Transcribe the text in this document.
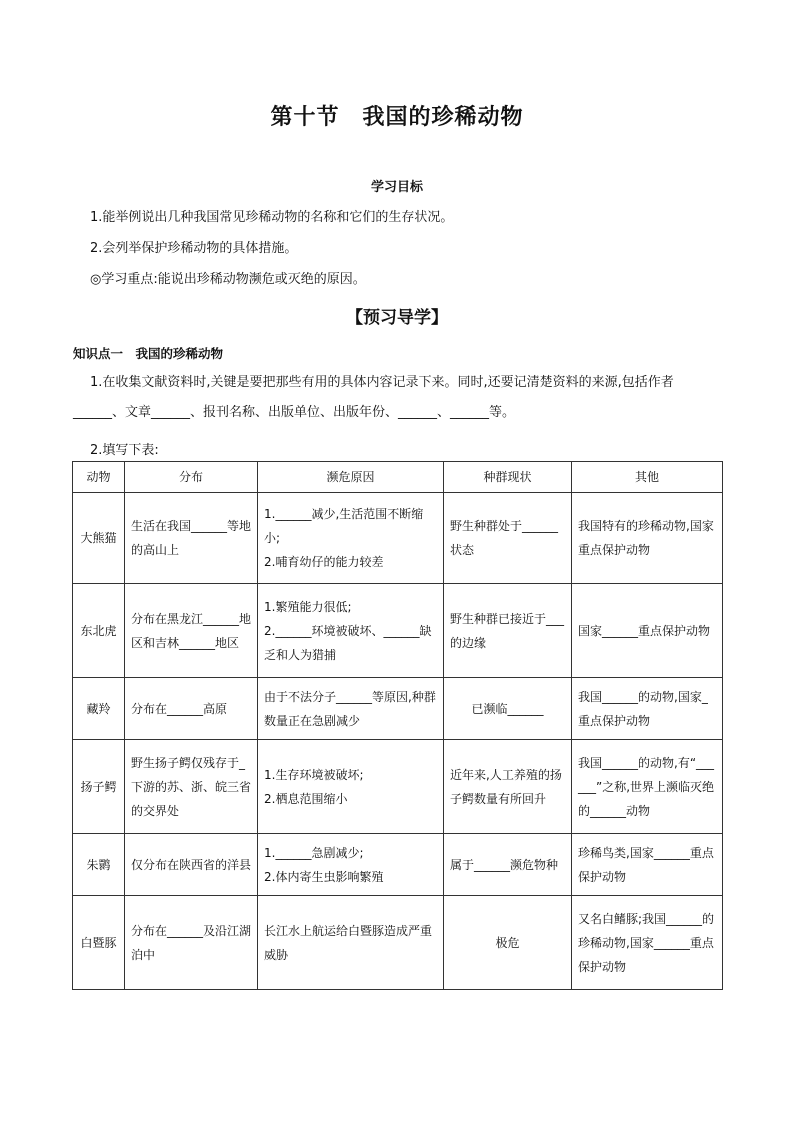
第十节　我国的珍稀动物
学习目标
1.能举例说出几种我国常见珍稀动物的名称和它们的生存状况。
2.会列举保护珍稀动物的具体措施。
◎学习重点:能说出珍稀动物濒危或灭绝的原因。
【预习导学】
知识点一　我国的珍稀动物
1.在收集文献资料时,关键是要把那些有用的具体内容记录下来。同时,还要记清楚资料的来源,包括作者______、文章______、报刊名称、出版单位、出版年份、______、______等。
2.填写下表:
动物	分布	濒危原因	种群现状	其他
大熊猫	生活在我国______等地的高山上	1.______减少,生活范围不断缩小;
2.哺育幼仔的能力较差	野生种群处于______状态	我国特有的珍稀动物,国家重点保护动物
东北虎	分布在黑龙江______地区和吉林______地区	1.繁殖能力很低;
2.______环境被破坏、______缺乏和人为猎捕	野生种群已接近于___的边缘	国家______重点保护动物
藏羚	分布在______高原	由于不法分子______等原因,种群数量正在急剧减少	已濒临______	我国______的动物,国家_重点保护动物
扬子鳄	野生扬子鳄仅残存于_下游的苏、浙、皖三省的交界处	1.生存环境被破坏;
2.栖息范围缩小	近年来,人工养殖的扬子鳄数量有所回升	我国______的动物,有“______”之称,世界上濒临灭绝的______动物
朱鹮	仅分布在陕西省的洋县	1.______急剧减少;
2.体内寄生虫影响繁殖	属于______濒危物种	珍稀鸟类,国家______重点保护动物
白暨豚	分布在______及沿江湖泊中	长江水上航运给白暨豚造成严重威胁	极危	又名白鳍豚;我国______的珍稀动物,国家______重点保护动物
